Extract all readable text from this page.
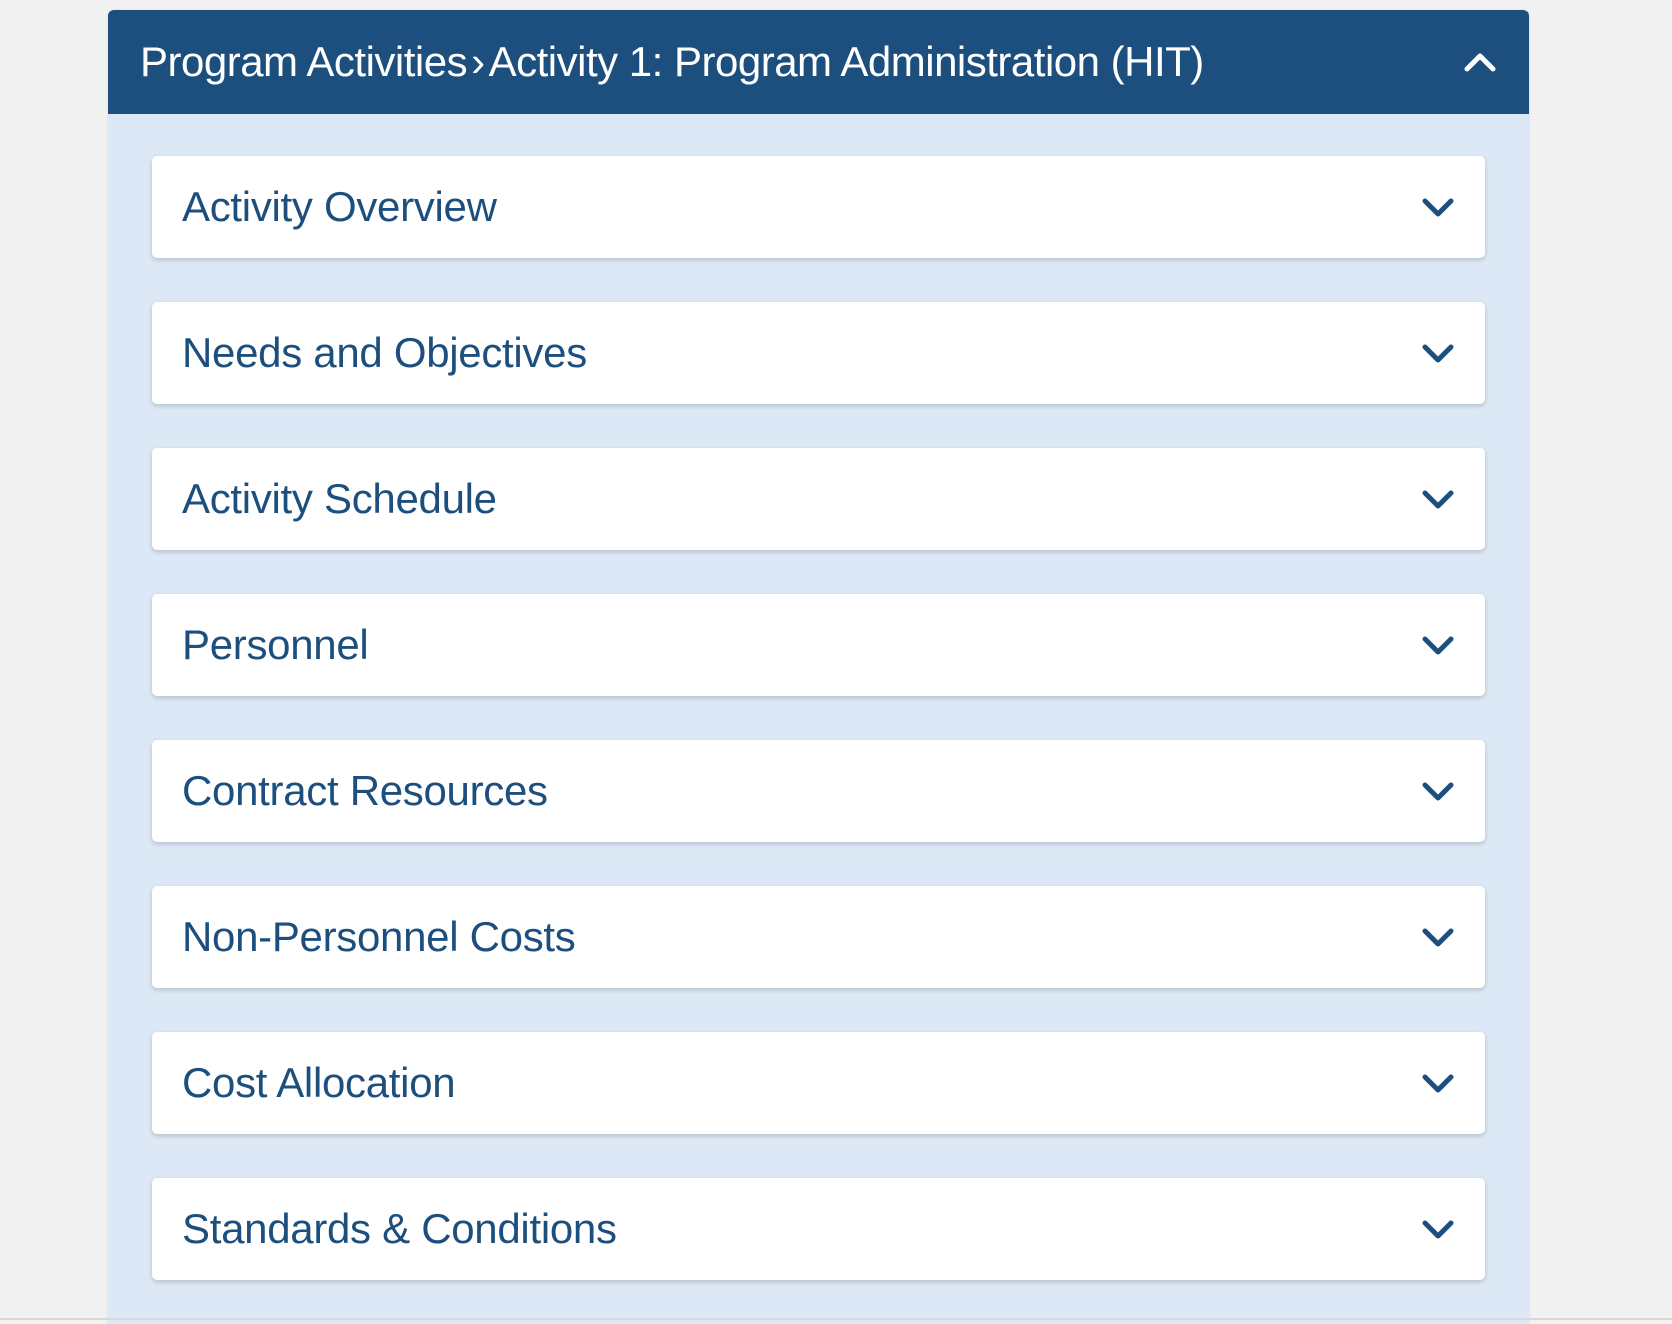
Program Activities›Activity 1: Program Administration (HIT)
Activity Overview
Needs and Objectives
Activity Schedule
Personnel
Contract Resources
Non-Personnel Costs
Cost Allocation
Standards & Conditions
